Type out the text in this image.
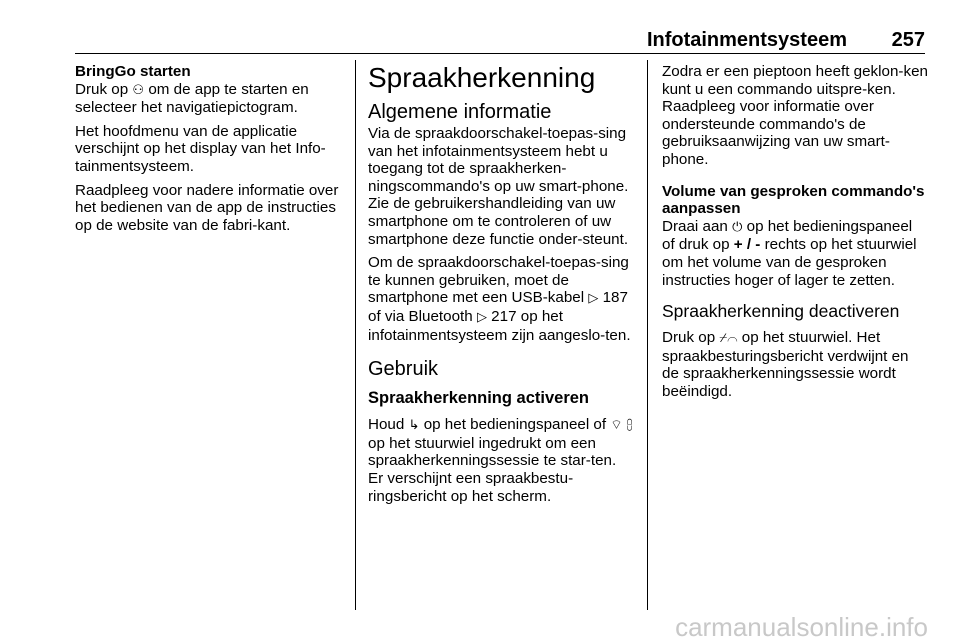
Infotainmentsysteem 257
BringGo starten

Druk op ⚇ om de app te starten en selecteer het navigatiepictogram.

Het hoofdmenu van de applicatie verschijnt op het display van het Info-tainmentsysteem.

Raadpleeg voor nadere informatie over het bedienen van de app de instructies op de website van de fabri-kant.

Spraakherkenning
Algemene informatie

Via de spraakdoorschakel-toepas-sing van het infotainmentsysteem hebt u toegang tot de spraakherken-ningscommando's op uw smart-phone. Zie de gebruikershandleiding van uw smartphone om te controleren of uw smartphone deze functie onder-steunt.

Om de spraakdoorschakel-toepas-sing te kunnen gebruiken, moet de smartphone met een USB-kabel ▷ 187 of via Bluetooth ▷ 217 op het infotainmentsysteem zijn aangeslo-ten.

Gebruik
Spraakherkenning activeren

Houd ↳ op het bedieningspaneel of ⌔ ⩉ op het stuurwiel ingedrukt om een spraakherkenningssessie te star-ten. Er verschijnt een spraakbestu-ringsbericht op het scherm.

Zodra er een pieptoon heeft geklon-ken kunt u een commando uitspre-ken. Raadpleeg voor informatie over ondersteunde commando's de gebruiksaanwijzing van uw smart-phone.

Volume van gesproken commando's aanpassen

Draai aan ⏻ op het bedieningspaneel of druk op + / - rechts op het stuurwiel om het volume van de gesproken instructies hoger of lager te zetten.

Spraakherkenning deactiveren

Druk op ⌿⌒ op het stuurwiel. Het spraakbesturingsbericht verdwijnt en de spraakherkenningssessie wordt beëindigd.

carmanualsonline.info
